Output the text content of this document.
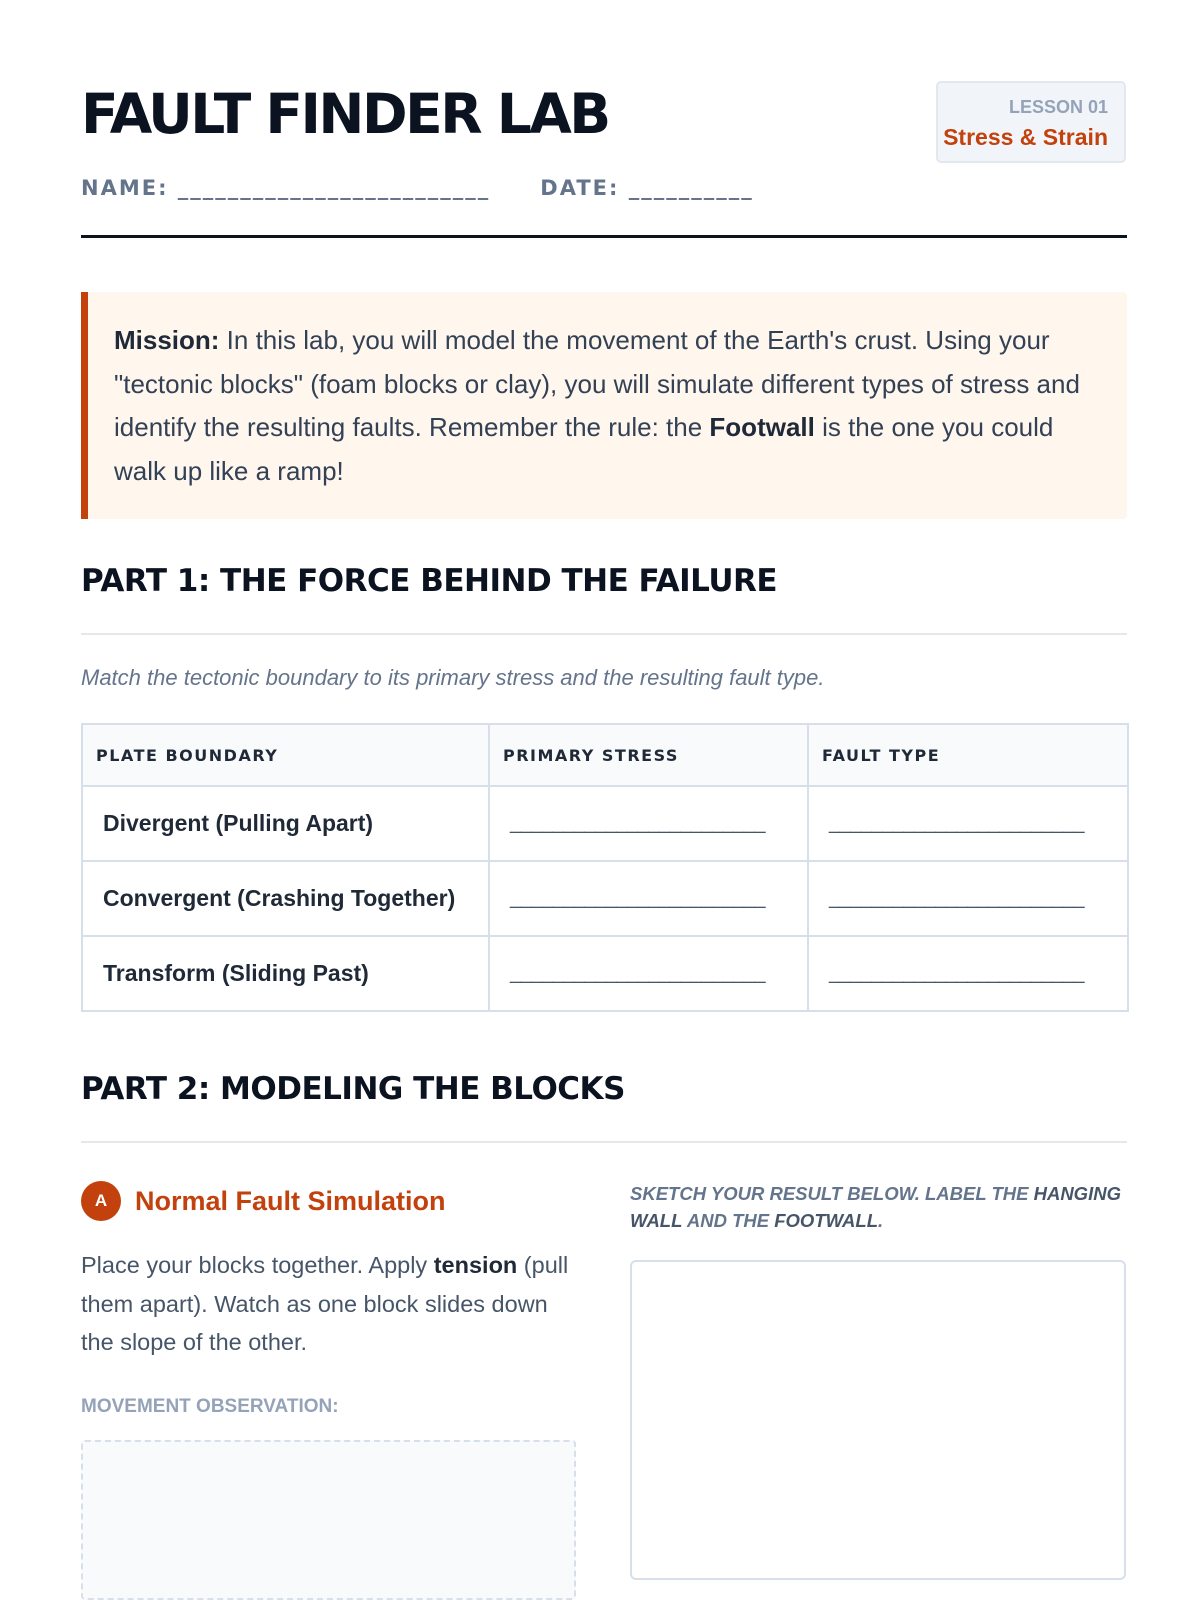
FAULT FINDER LAB
NAME: _________________________ DATE: __________
LESSON 01
Stress & Strain
Mission: In this lab, you will model the movement of the Earth's crust. Using your "tectonic blocks" (foam blocks or clay), you will simulate different types of stress and identify the resulting faults. Remember the rule: the Footwall is the one you could walk up like a ramp!
PART 1: THE FORCE BEHIND THE FAILURE
Match the tectonic boundary to its primary stress and the resulting fault type.
PLATE BOUNDARY	PRIMARY STRESS	FAULT TYPE
Divergent (Pulling Apart)	________________________	________________________
Convergent (Crashing Together)	________________________	________________________
Transform (Sliding Past)	________________________	________________________
PART 2: MODELING THE BLOCKS
A	Normal Fault Simulation
Place your blocks together. Apply tension (pull them apart). Watch as one block slides down the slope of the other.
MOVEMENT OBSERVATION:
SKETCH YOUR RESULT BELOW. LABEL THE HANGING WALL AND THE FOOTWALL.
